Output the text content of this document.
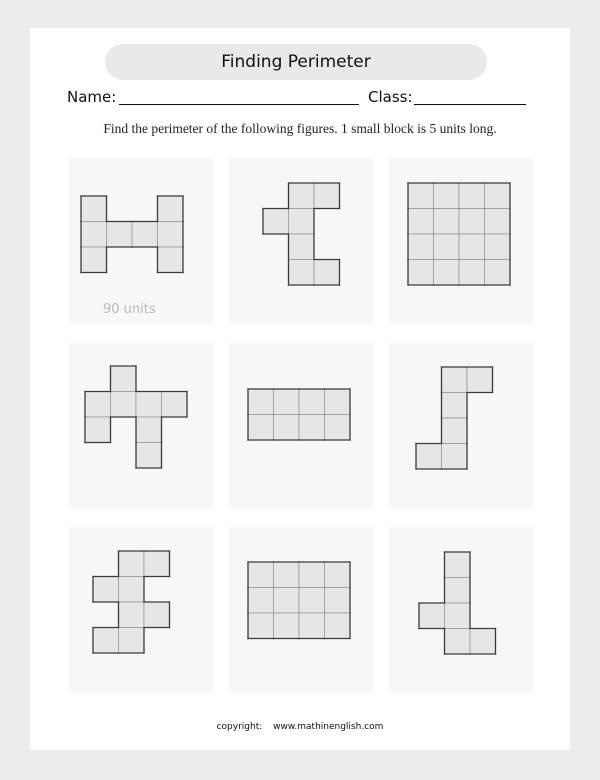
Finding Perimeter
Name:	Class:
Find the perimeter of the following figures. 1 small block is 5 units long.
90 units
copyright: www.mathinenglish.com
